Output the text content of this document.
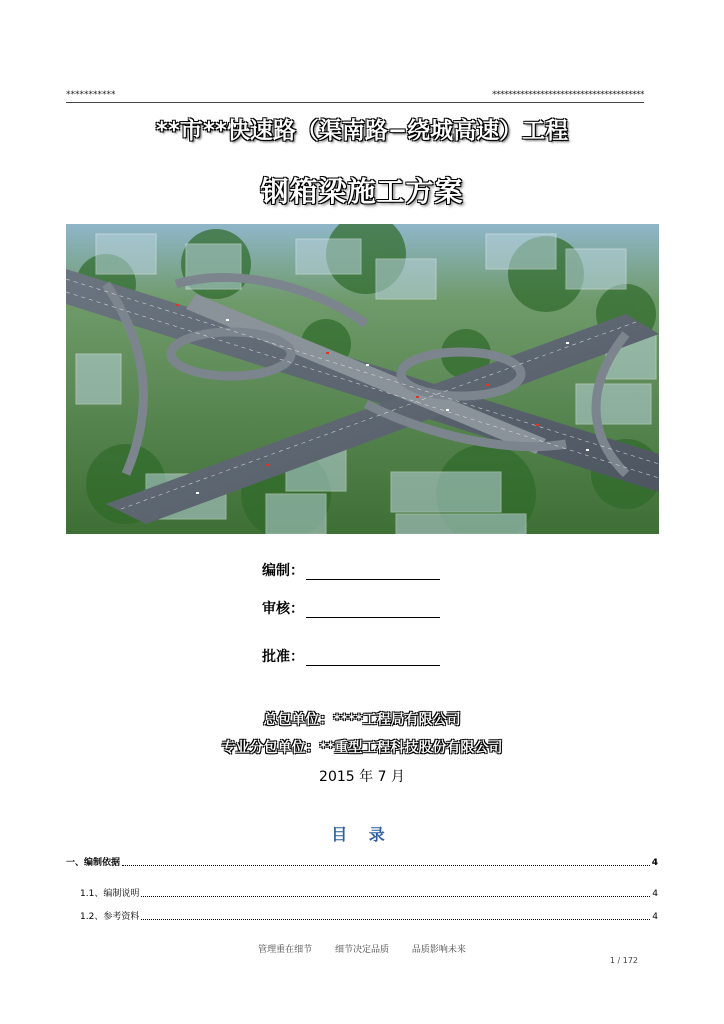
***********	**************************************
**市**快速路（渠南路−绕城高速）工程
钢箱梁施工方案
编制：
审核：
批准：
总包单位：****工程局有限公司
专业分包单位：**重型工程科技股份有限公司
2015 年 7 月
目 录
一、编制依据	4
1.1、编制说明	4
1.2、参考资料	4
管理重在细节 细节决定品质 品质影响未来
1 / 172
